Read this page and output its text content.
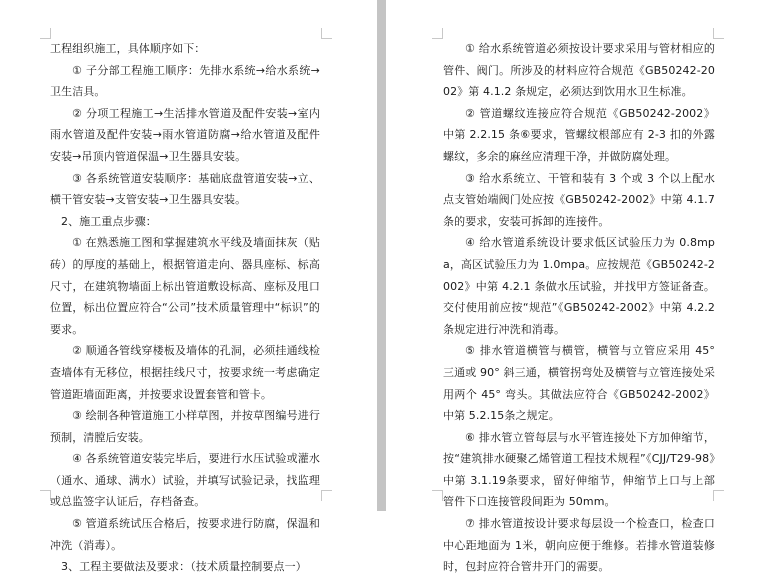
工程组织施工，具体顺序如下：

① 子分部工程施工顺序：先排水系统→给水系统→卫生洁具。

② 分项工程施工→生活排水管道及配件安装→室内雨水管道及配件安装→雨水管道防腐→给水管道及配件安装→吊顶内管道保温→卫生器具安装。

③ 各系统管道安装顺序：基础底盘管道安装→立、横干管安装→支管安装→卫生器具安装。

2、施工重点步骤：

① 在熟悉施工图和掌握建筑水平线及墙面抹灰（贴砖）的厚度的基础上，根据管道走向、器具座标、标高尺寸，在建筑物墙面上标出管道敷设标高、座标及甩口位置，标出位置应符合“公司”技术质量管理中“标识”的要求。

② 顺通各管线穿楼板及墙体的孔洞，必须挂通线检查墙体有无移位，根据挂线尺寸，按要求统一考虑确定管道距墙面距离，并按要求设置套管和管卡。

③ 绘制各种管道施工小样草图，并按草图编号进行预制，清膛后安装。

④ 各系统管道安装完毕后，要进行水压试验或灌水（通水、通球、满水）试验，并填写试验记录，找监理或总监签字认证后，存档备查。

⑤ 管道系统试压合格后，按要求进行防腐，保温和冲洗（消毒）。

3、工程主要做法及要求：（技术质量控制要点一）

① 给水系统管道必须按设计要求采用与管材相应的管件、阀门。所涉及的材料应符合规范《GB50242-2002》第 4.1.2 条规定，必须达到饮用水卫生标准。

② 管道螺纹连接应符合规范《GB50242-2002》中第 2.2.15 条⑥要求，管螺纹根部应有 2-3 扣的外露螺纹，多余的麻丝应清理干净，并做防腐处理。

③ 给水系统立、干管和装有 3 个或 3 个以上配水点支管始端阀门处应按《GB50242-2002》中第 4.1.7条的要求，安装可拆卸的连接件。

④ 给水管道系统设计要求低区试验压力为 0.8mpa，高区试验压力为 1.0mpa。应按规范《GB50242-2002》中第 4.2.1 条做水压试验，并找甲方签证备查。交付使用前应按“规范”《GB50242-2002》中第 4.2.2 条规定进行冲洗和消毒。

⑤ 排水管道横管与横管，横管与立管应采用 45° 三通或 90° 斜三通，横管拐弯处及横管与立管连接处采用两个 45° 弯头。其做法应符合《GB50242-2002》中第 5.2.15条之规定。

⑥ 排水管立管每层与水平管连接处下方加伸缩节，按“建筑排水硬聚乙烯管道工程技术规程”《CJJ/T29-98》中第 3.1.19条要求，留好伸缩节，伸缩节上口与上部管件下口连接管段间距为 50mm。

⑦ 排水管道按设计要求每层设一个检查口，检查口中心距地面为 1米，朝向应便于维修。若排水管道装修时，包封应符合管井开门的需要。
